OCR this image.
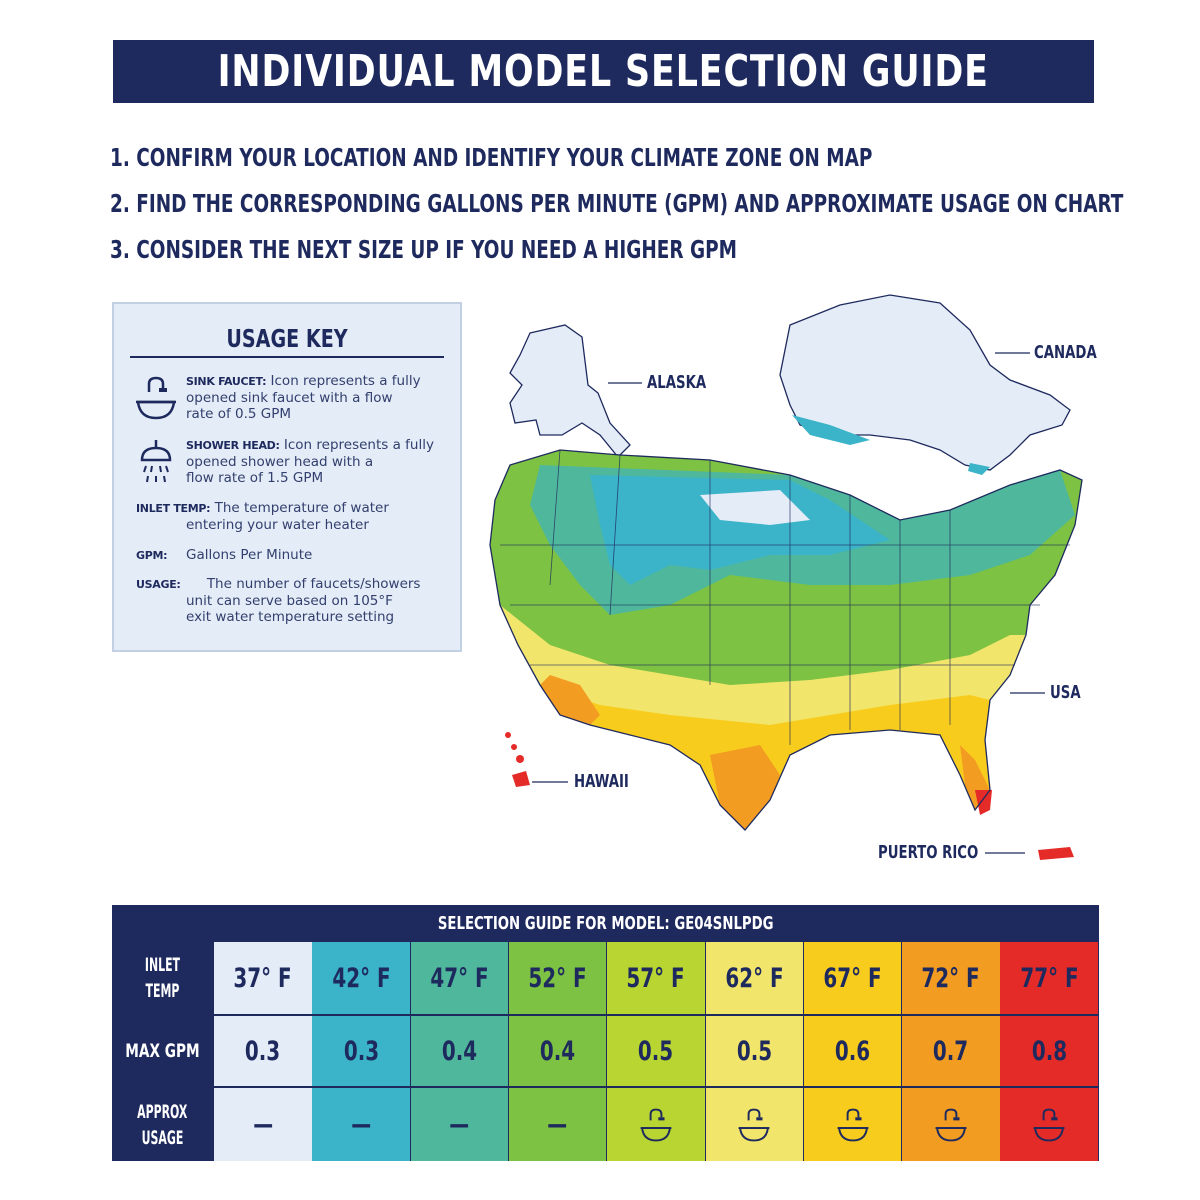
INDIVIDUAL MODEL SELECTION GUIDE
1. CONFIRM YOUR LOCATION AND IDENTIFY YOUR CLIMATE ZONE ON MAP
2. FIND THE CORRESPONDING GALLONS PER MINUTE (GPM) AND APPROXIMATE USAGE ON CHART
3. CONSIDER THE NEXT SIZE UP IF YOU NEED A HIGHER GPM
USAGE KEY
SINK FAUCET: Icon represents a fully
opened sink faucet with a flow
rate of 0.5 GPM
SHOWER HEAD: Icon represents a fully
opened shower head with a
flow rate of 1.5 GPM
INLET TEMP: The temperature of water
entering your water heater
GPM: Gallons Per Minute
USAGE: The number of faucets/showers
unit can serve based on 105°F
exit water temperature setting
ALASKA
CANADA
USA
HAWAII
PUERTO RICO
SELECTION GUIDE FOR MODEL: GE04SNLPDG
INLET
TEMP
MAX GPM
APPROX
USAGE
37° F
0.3
—
42° F
0.3
—
47° F
0.4
—
52° F
0.4
—
57° F
0.5
62° F
0.5
67° F
0.6
72° F
0.7
77° F
0.8
